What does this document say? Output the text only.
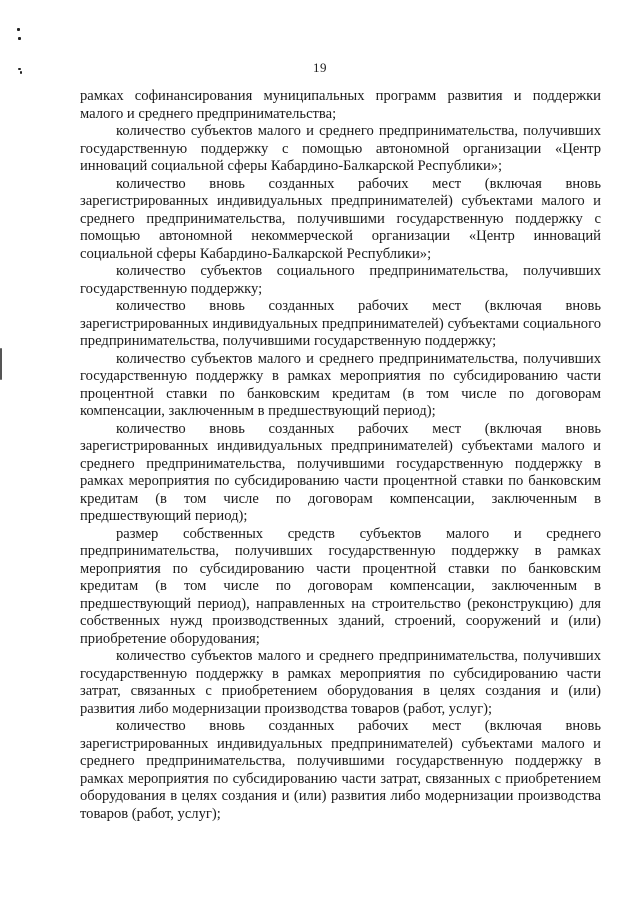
19

рамках софинансирования муниципальных программ развития и поддержки малого и среднего предпринимательства;

количество субъектов малого и среднего предпринимательства, получивших государственную поддержку с помощью автономной организации «Центр инноваций социальной сферы Кабардино-Балкарской Республики»;

количество вновь созданных рабочих мест (включая вновь зарегистрированных индивидуальных предпринимателей) субъектами малого и среднего предпринимательства, получившими государственную поддержку с помощью автономной некоммерческой организации «Центр инноваций социальной сферы Кабардино-Балкарской Республики»;

количество субъектов социального предпринимательства, получивших государственную поддержку;

количество вновь созданных рабочих мест (включая вновь зарегистрированных индивидуальных предпринимателей) субъектами социального предпринимательства, получившими государственную поддержку;

количество субъектов малого и среднего предпринимательства, получивших государственную поддержку в рамках мероприятия по субсидированию части процентной ставки по банковским кредитам (в том числе по договорам компенсации, заключенным в предшествующий период);

количество вновь созданных рабочих мест (включая вновь зарегистрированных индивидуальных предпринимателей) субъектами малого и среднего предпринимательства, получившими государственную поддержку в рамках мероприятия по субсидированию части процентной ставки по банковским кредитам (в том числе по договорам компенсации, заключенным в предшествующий период);

размер собственных средств субъектов малого и среднего предпринимательства, получивших государственную поддержку в рамках мероприятия по субсидированию части процентной ставки по банковским кредитам (в том числе по договорам компенсации, заключенным в предшествующий период), направленных на строительство (реконструкцию) для собственных нужд производственных зданий, строений, сооружений и (или) приобретение оборудования;

количество субъектов малого и среднего предпринимательства, получивших государственную поддержку в рамках мероприятия по субсидированию части затрат, связанных с приобретением оборудования в целях создания и (или) развития либо модернизации производства товаров (работ, услуг);

количество вновь созданных рабочих мест (включая вновь зарегистрированных индивидуальных предпринимателей) субъектами малого и среднего предпринимательства, получившими государственную поддержку в рамках мероприятия по субсидированию части затрат, связанных с приобретением оборудования в целях создания и (или) развития либо модернизации производства товаров (работ, услуг);
